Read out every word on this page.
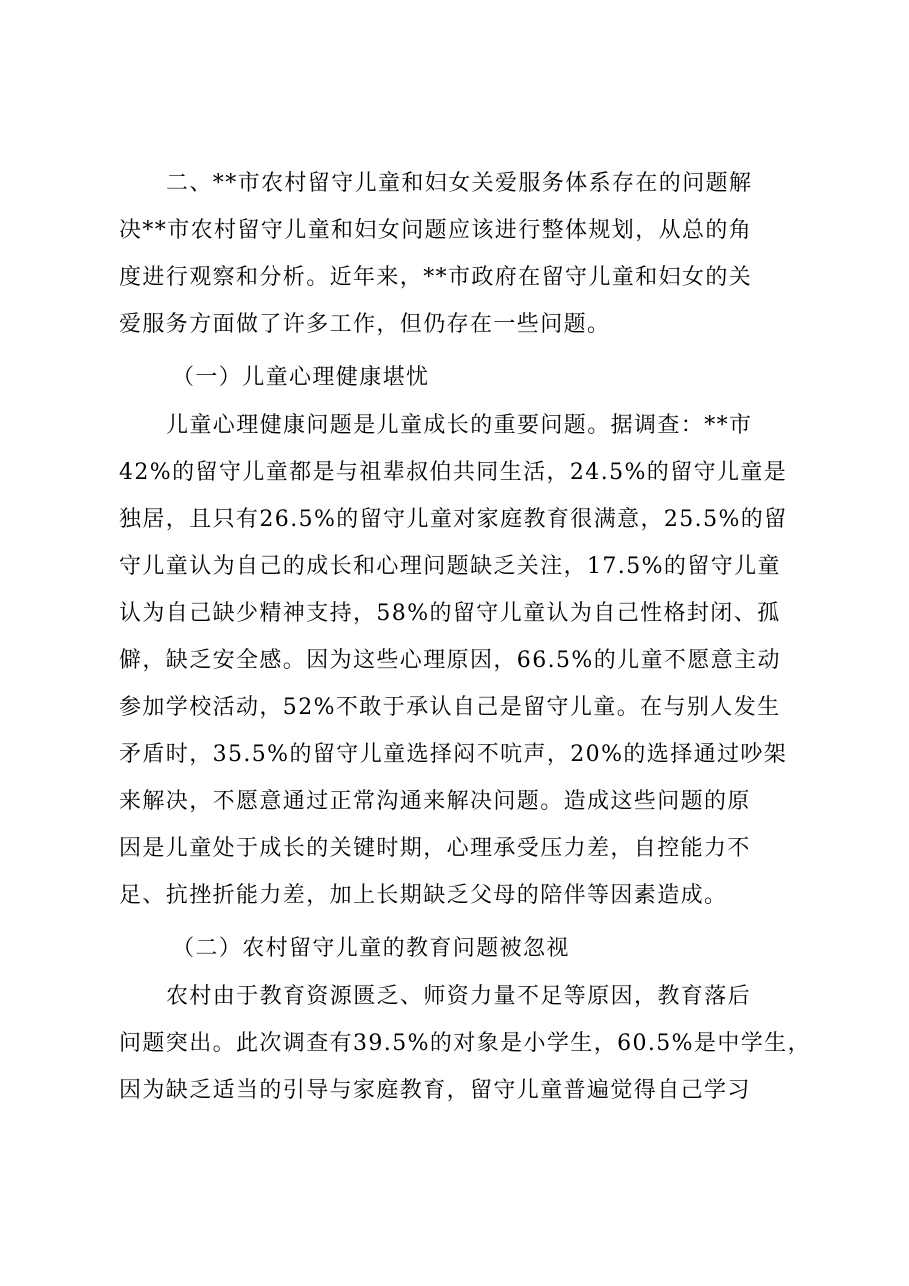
二、**市农村留守儿童和妇女关爱服务体系存在的问题解
决**市农村留守儿童和妇女问题应该进行整体规划，从总的角
度进行观察和分析。近年来，**市政府在留守儿童和妇女的关
爱服务方面做了许多工作，但仍存在一些问题。
（一）儿童心理健康堪忧
儿童心理健康问题是儿童成长的重要问题。据调查：**市
42%的留守儿童都是与祖辈叔伯共同生活，24.5%的留守儿童是
独居，且只有26.5%的留守儿童对家庭教育很满意，25.5%的留
守儿童认为自己的成长和心理问题缺乏关注，17.5%的留守儿童
认为自己缺少精神支持，58%的留守儿童认为自己性格封闭、孤
僻，缺乏安全感。因为这些心理原因，66.5%的儿童不愿意主动
参加学校活动，52%不敢于承认自己是留守儿童。在与别人发生
矛盾时，35.5%的留守儿童选择闷不吭声，20%的选择通过吵架
来解决，不愿意通过正常沟通来解决问题。造成这些问题的原
因是儿童处于成长的关键时期，心理承受压力差，自控能力不
足、抗挫折能力差，加上长期缺乏父母的陪伴等因素造成。
（二）农村留守儿童的教育问题被忽视
农村由于教育资源匮乏、师资力量不足等原因，教育落后
问题突出。此次调查有39.5%的对象是小学生，60.5%是中学生，
因为缺乏适当的引导与家庭教育，留守儿童普遍觉得自己学习
